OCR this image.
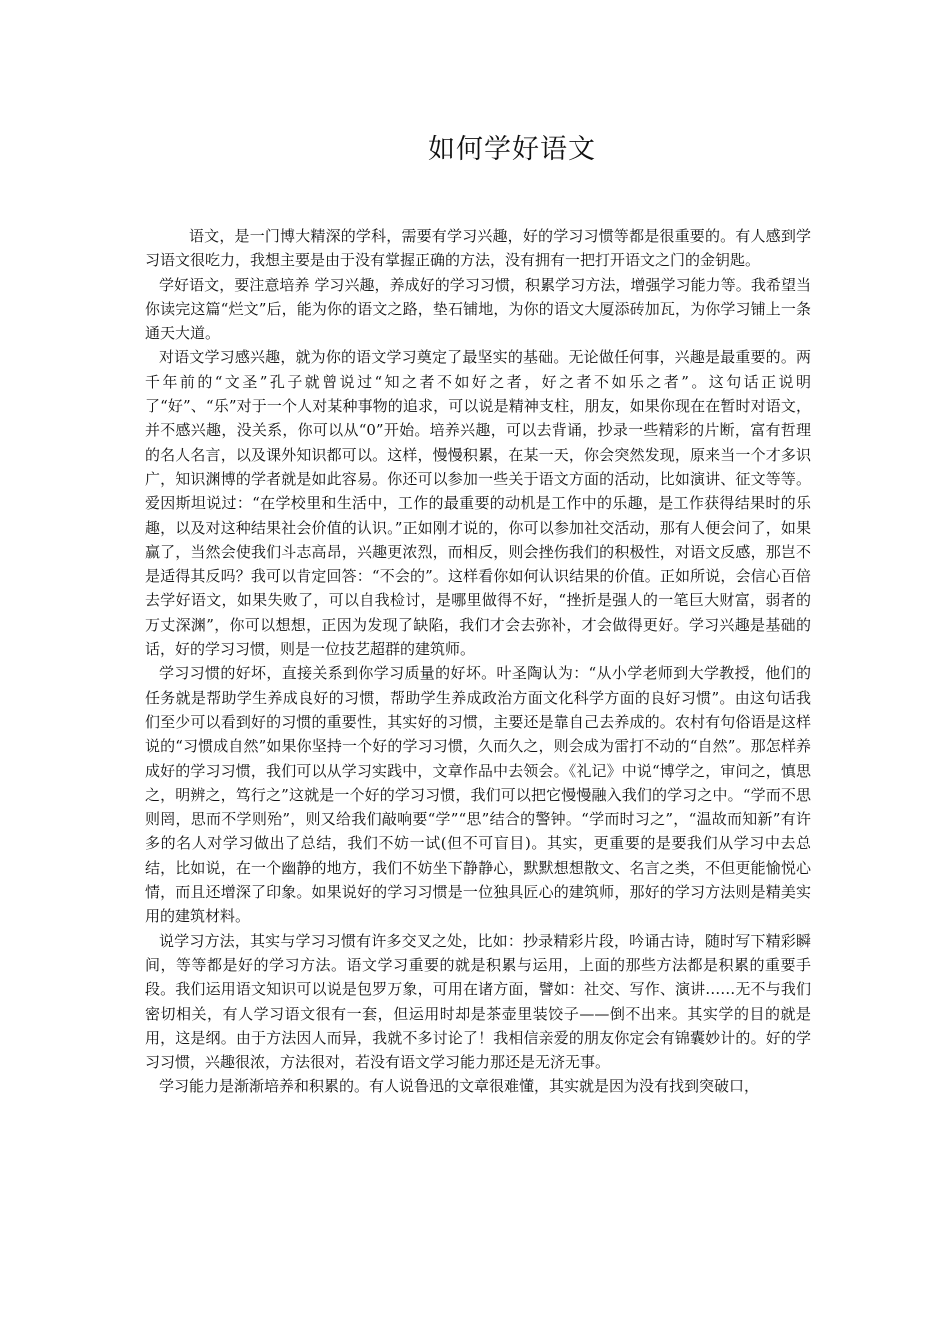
如何学好语文

语文，是一门博大精深的学科，需要有学习兴趣，好的学习习惯等都是很重要的。有人感到学习语文很吃力，我想主要是由于没有掌握正确的方法，没有拥有一把打开语文之门的金钥匙。

学好语文，要注意培养 学习兴趣，养成好的学习习惯，积累学习方法，增强学习能力等。我希望当你读完这篇“烂文”后，能为你的语文之路，垫石铺地，为你的语文大厦添砖加瓦，为你学习铺上一条通天大道。

对语文学习感兴趣，就为你的语文学习奠定了最坚实的基础。无论做任何事，兴趣是最重要的。两千年前的“文圣”孔子就曾说过“知之者不如好之者，好之者不如乐之者”。这句话正说明了“好”、“乐”对于一个人对某种事物的追求，可以说是精神支柱，朋友，如果你现在在暂时对语文，并不感兴趣，没关系，你可以从“0”开始。培养兴趣，可以去背诵，抄录一些精彩的片断，富有哲理的名人名言，以及课外知识都可以。这样，慢慢积累，在某一天，你会突然发现，原来当一个才多识广，知识渊博的学者就是如此容易。你还可以参加一些关于语文方面的活动，比如演讲、征文等等。爱因斯坦说过：“在学校里和生活中，工作的最重要的动机是工作中的乐趣，是工作获得结果时的乐趣，以及对这种结果社会价值的认识。”正如刚才说的，你可以参加社交活动，那有人便会问了，如果赢了，当然会使我们斗志高昂，兴趣更浓烈，而相反，则会挫伤我们的积极性，对语文反感，那岂不是适得其反吗？我可以肯定回答：“不会的”。这样看你如何认识结果的价值。正如所说，会信心百倍去学好语文，如果失败了，可以自我检讨，是哪里做得不好，“挫折是强人的一笔巨大财富，弱者的万丈深渊”，你可以想想，正因为发现了缺陷，我们才会去弥补，才会做得更好。学习兴趣是基础的话，好的学习习惯，则是一位技艺超群的建筑师。

学习习惯的好坏，直接关系到你学习质量的好坏。叶圣陶认为：“从小学老师到大学教授，他们的任务就是帮助学生养成良好的习惯，帮助学生养成政治方面文化科学方面的良好习惯”。由这句话我们至少可以看到好的习惯的重要性，其实好的习惯，主要还是靠自己去养成的。农村有句俗语是这样说的“习惯成自然”如果你坚持一个好的学习习惯，久而久之，则会成为雷打不动的“自然”。那怎样养成好的学习习惯，我们可以从学习实践中，文章作品中去领会。《礼记》中说“博学之，审问之，慎思之，明辨之，笃行之”这就是一个好的学习习惯，我们可以把它慢慢融入我们的学习之中。“学而不思则罔，思而不学则殆”，则又给我们敲响要“学”“思”结合的警钟。“学而时习之”，“温故而知新”有许多的名人对学习做出了总结，我们不妨一试(但不可盲目)。其实，更重要的是要我们从学习中去总结，比如说，在一个幽静的地方，我们不妨坐下静静心，默默想想散文、名言之类，不但更能愉悦心情，而且还增深了印象。如果说好的学习习惯是一位独具匠心的建筑师，那好的学习方法则是精美实用的建筑材料。

说学习方法，其实与学习习惯有许多交叉之处，比如：抄录精彩片段，吟诵古诗，随时写下精彩瞬间，等等都是好的学习方法。语文学习重要的就是积累与运用，上面的那些方法都是积累的重要手段。我们运用语文知识可以说是包罗万象，可用在诸方面，譬如：社交、写作、演讲……无不与我们密切相关，有人学习语文很有一套，但运用时却是茶壶里装饺子——倒不出来。其实学的目的就是用，这是纲。由于方法因人而异，我就不多讨论了！我相信亲爱的朋友你定会有锦囊妙计的。好的学习习惯，兴趣很浓，方法很对，若没有语文学习能力那还是无济无事。

学习能力是渐渐培养和积累的。有人说鲁迅的文章很难懂，其实就是因为没有找到突破口，
